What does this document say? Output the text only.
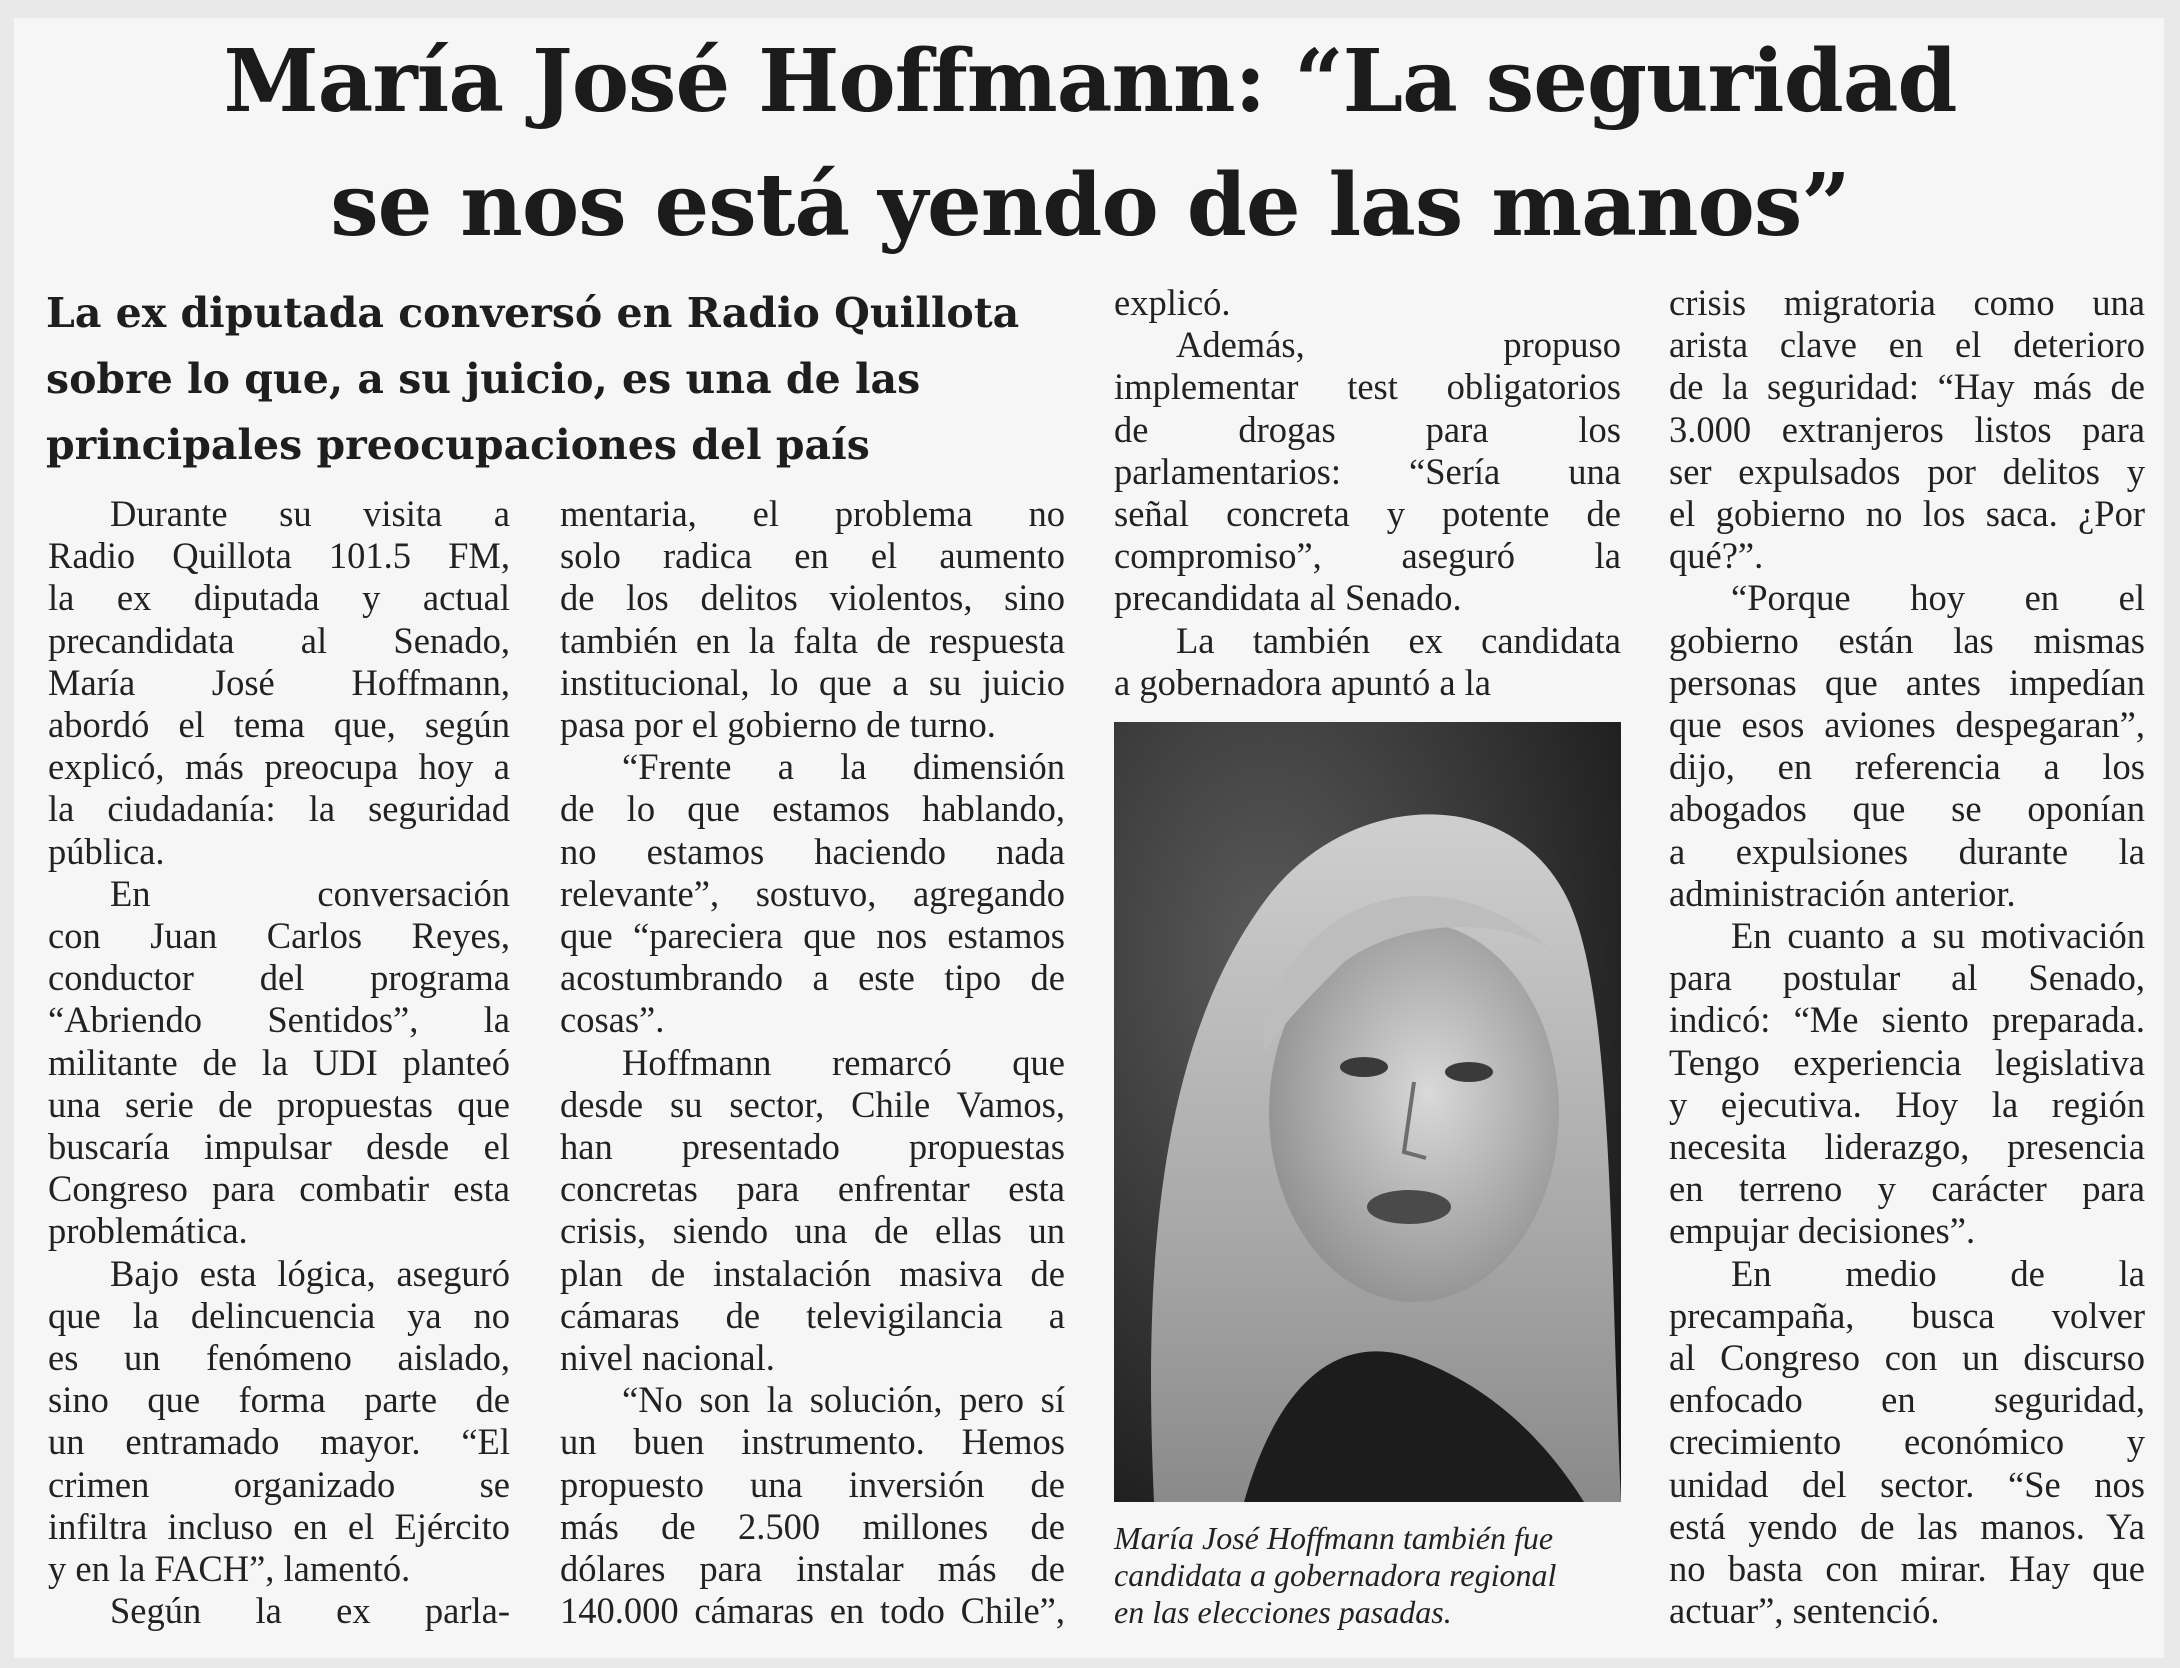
María José Hoffmann: “La seguridad
se nos está yendo de las manos”
La ex diputada conversó en Radio Quillota
sobre lo que, a su juicio, es una de las
principales preocupaciones del país
Durante su visita a
Radio Quillota 101.5 FM,
la ex diputada y actual
precandidata al Senado,
María José Hoffmann,
abordó el tema que, según
explicó, más preocupa hoy a
la ciudadanía: la seguridad
pública.
En conversación
con Juan Carlos Reyes,
conductor del programa
“Abriendo Sentidos”, la
militante de la UDI planteó
una serie de propuestas que
buscaría impulsar desde el
Congreso para combatir esta
problemática.
Bajo esta lógica, aseguró
que la delincuencia ya no
es un fenómeno aislado,
sino que forma parte de
un entramado mayor. “El
crimen organizado se
infiltra incluso en el Ejército
y en la FACH”, lamentó.
Según la ex parla-
mentaria, el problema no
solo radica en el aumento
de los delitos violentos, sino
también en la falta de respuesta
institucional, lo que a su juicio
pasa por el gobierno de turno.
“Frente a la dimensión
de lo que estamos hablando,
no estamos haciendo nada
relevante”, sostuvo, agregando
que “pareciera que nos estamos
acostumbrando a este tipo de
cosas”.
Hoffmann remarcó que
desde su sector, Chile Vamos,
han presentado propuestas
concretas para enfrentar esta
crisis, siendo una de ellas un
plan de instalación masiva de
cámaras de televigilancia a
nivel nacional.
“No son la solución, pero sí
un buen instrumento. Hemos
propuesto una inversión de
más de 2.500 millones de
dólares para instalar más de
140.000 cámaras en todo Chile”,
explicó.
Además, propuso
implementar test obligatorios
de drogas para los
parlamentarios: “Sería una
señal concreta y potente de
compromiso”, aseguró la
precandidata al Senado.
La también ex candidata
a gobernadora apuntó a la
crisis migratoria como una
arista clave en el deterioro
de la seguridad: “Hay más de
3.000 extranjeros listos para
ser expulsados por delitos y
el gobierno no los saca. ¿Por
qué?”.
“Porque hoy en el
gobierno están las mismas
personas que antes impedían
que esos aviones despegaran”,
dijo, en referencia a los
abogados que se oponían
a expulsiones durante la
administración anterior.
En cuanto a su motivación
para postular al Senado,
indicó: “Me siento preparada.
Tengo experiencia legislativa
y ejecutiva. Hoy la región
necesita liderazgo, presencia
en terreno y carácter para
empujar decisiones”.
En medio de la
precampaña, busca volver
al Congreso con un discurso
enfocado en seguridad,
crecimiento económico y
unidad del sector. “Se nos
está yendo de las manos. Ya
no basta con mirar. Hay que
actuar”, sentenció.
María José Hoffmann también fue
candidata a gobernadora regional
en las elecciones pasadas.
